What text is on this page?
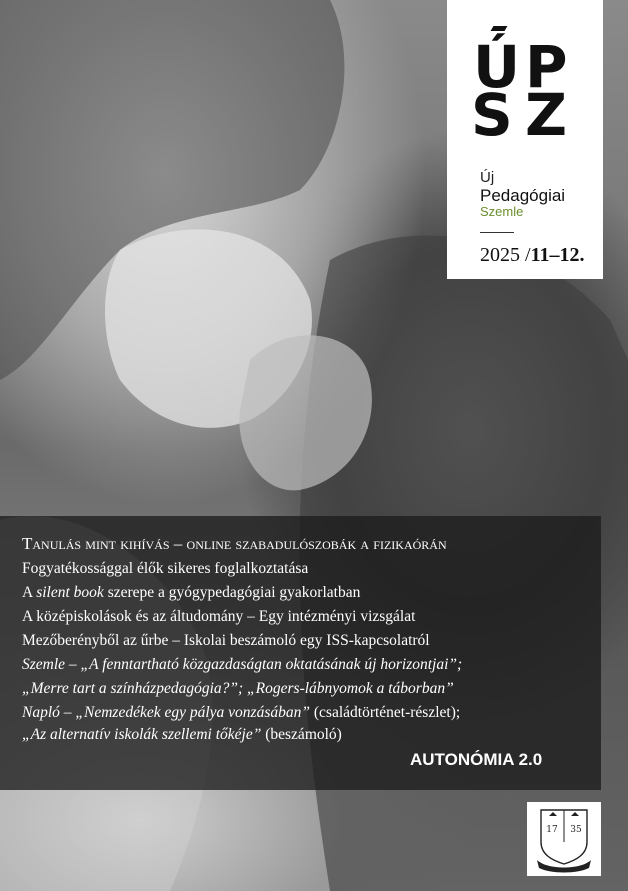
Ú P
S Z
Új
Pedagógiai
Szemle
2025 /11–12.
Tanulás mint kihívás – online szabadulószobák a fizikaórán
Fogyatékossággal élők sikeres foglalkoztatása
A silent book szerepe a gyógypedagógiai gyakorlatban
A középiskolások és az áltudomány – Egy intézményi vizsgálat
Mezőberényből az űrbe – Iskolai beszámoló egy ISS-kapcsolatról
Szemle – „A fenntartható közgazdaságtan oktatásának új horizontjai”;
„Merre tart a színházpedagógia?”; „Rogers-lábnyomok a táborban”
Napló – „Nemzedékek egy pálya vonzásában” (családtörténet-részlet);
„Az alternatív iskolák szellemi tőkéje” (beszámoló)
AUTONÓMIA 2.0
17 35
